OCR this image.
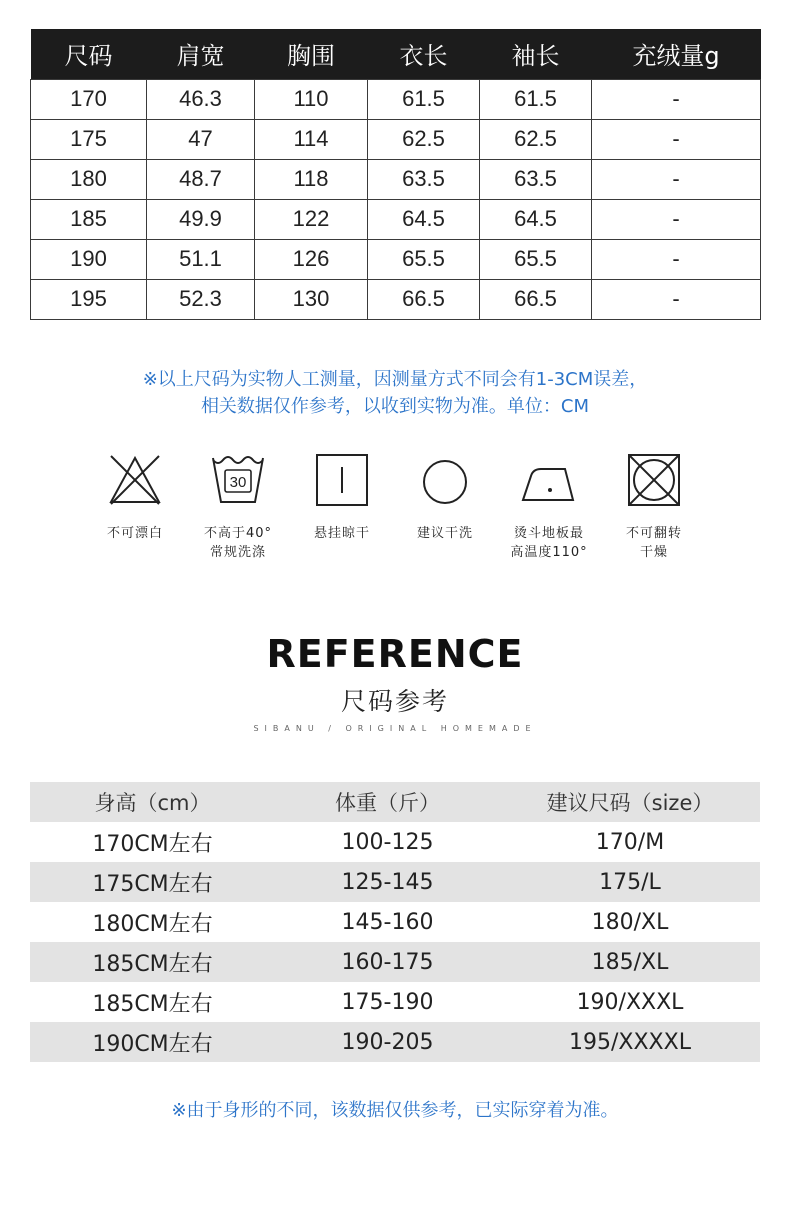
尺码	肩宽	胸围	衣长	袖长	充绒量g
170	46.3	110	61.5	61.5	-
175	47	114	62.5	62.5	-
180	48.7	118	63.5	63.5	-
185	49.9	122	64.5	64.5	-
190	51.1	126	65.5	65.5	-
195	52.3	130	66.5	66.5	-
※以上尺码为实物人工测量，因测量方式不同会有1-3CM误差，
相关数据仅作参考，以收到实物为准。单位：CM
不可漂白
30
不高于40°
常规洗涤
悬挂晾干	建议干洗	烫斗地板最
高温度110°
不可翻转
干燥
REFERENCE
尺码参考
SIBANU / ORIGINAL HOMEMADE
身高（cm）	体重（斤）	建议尺码（size）
170CM左右	100-125	170/M
175CM左右	125-145	175/L
180CM左右	145-160	180/XL
185CM左右	160-175	185/XL
185CM左右	175-190	190/XXXL
190CM左右	190-205	195/XXXXL
※由于身形的不同，该数据仅供参考，已实际穿着为准。
